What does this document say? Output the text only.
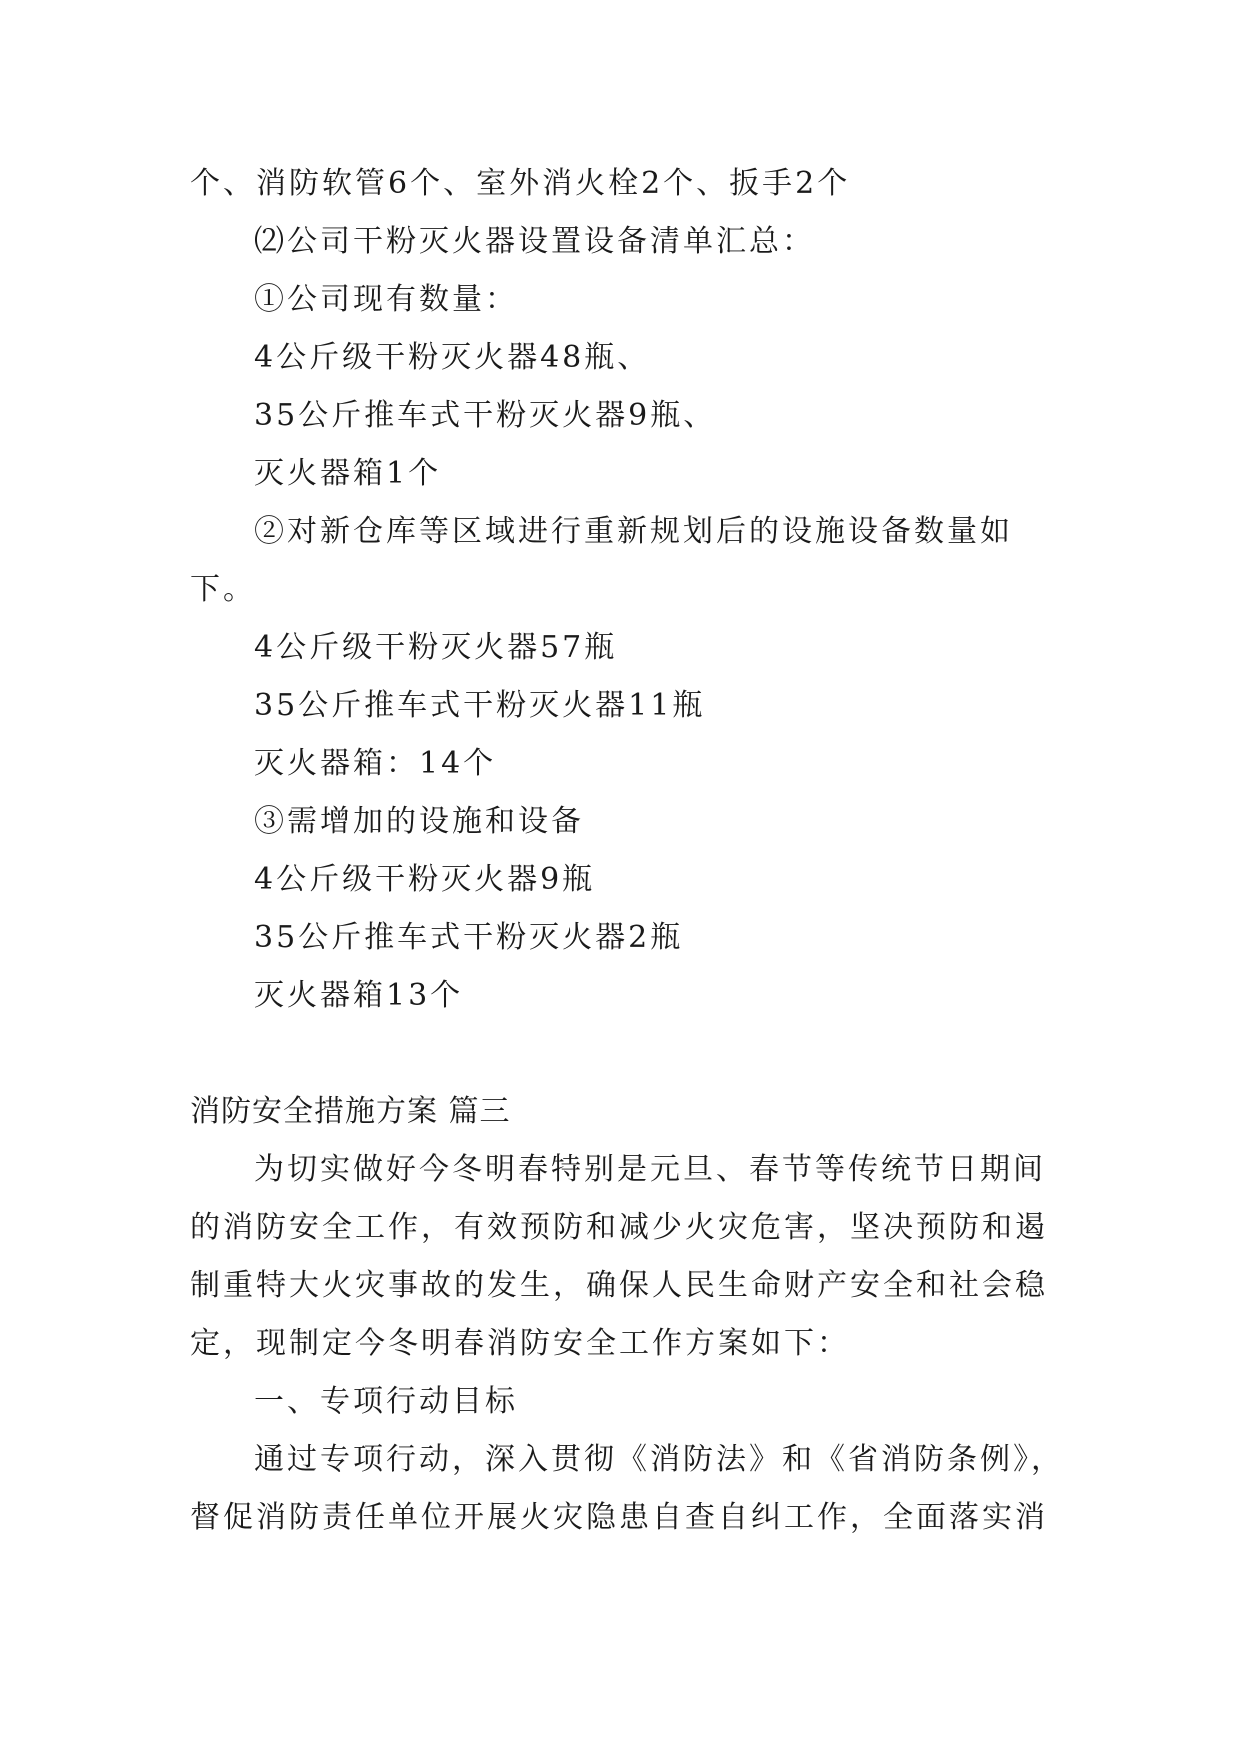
个、消防软管6个、室外消火栓2个、扳手2个
⑵公司干粉灭火器设置设备清单汇总：
①公司现有数量：
4公斤级干粉灭火器48瓶、
35公斤推车式干粉灭火器9瓶、
灭火器箱1个
②对新仓库等区域进行重新规划后的设施设备数量如
下。
4公斤级干粉灭火器57瓶
35公斤推车式干粉灭火器11瓶
灭火器箱：14个
③需增加的设施和设备
4公斤级干粉灭火器9瓶
35公斤推车式干粉灭火器2瓶
灭火器箱13个
消防安全措施方案 篇三
为切实做好今冬明春特别是元旦、春节等传统节日期间
的消防安全工作，有效预防和减少火灾危害，坚决预防和遏
制重特大火灾事故的发生，确保人民生命财产安全和社会稳
定，现制定今冬明春消防安全工作方案如下：
一、专项行动目标
通过专项行动，深入贯彻《消防法》和《省消防条例》，
督促消防责任单位开展火灾隐患自查自纠工作，全面落实消
